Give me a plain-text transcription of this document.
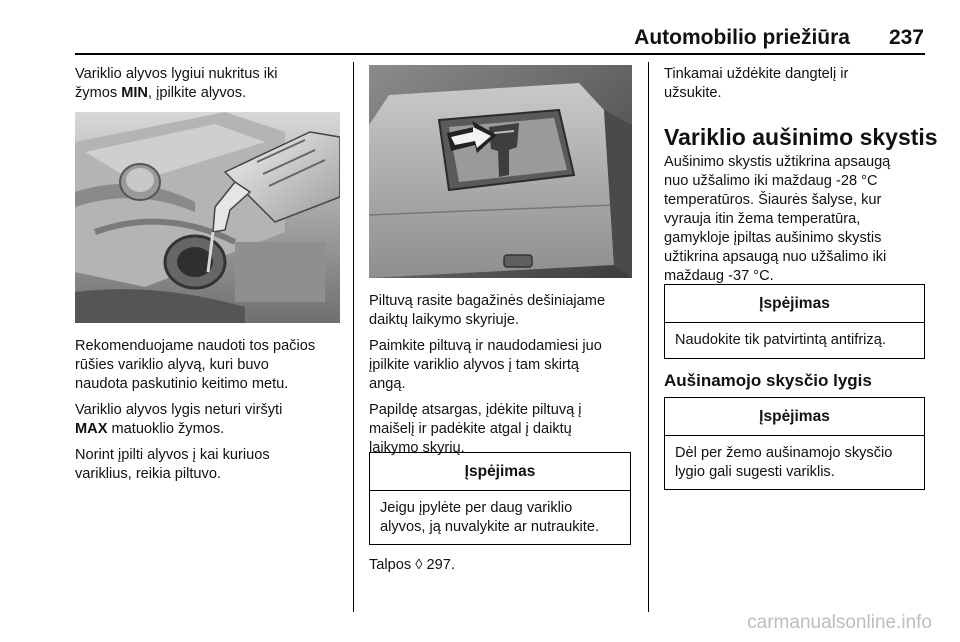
Automobilio priežiūra 237

Variklio alyvos lygiui nukritus iki
žymos MIN, įpilkite alyvos.

Rekomenduojame naudoti tos pačios
rūšies variklio alyvą, kuri buvo
naudota paskutinio keitimo metu.

Variklio alyvos lygis neturi viršyti
MAX matuoklio žymos.

Norint įpilti alyvos į kai kuriuos
variklius, reikia piltuvo.

Piltuvą rasite bagažinės dešiniajame
daiktų laikymo skyriuje.

Paimkite piltuvą ir naudodamiesi juo
įpilkite variklio alyvos į tam skirtą
angą.

Papildę atsargas, įdėkite piltuvą į
maišelį ir padėkite atgal į daiktų
laikymo skyrių.

Įspėjimas
Jeigu įpylėte per daug variklio
alyvos, ją nuvalykite ar nutraukite.
Talpos ◊ 297.

Tinkamai uždėkite dangtelį ir
užsukite.

Variklio aušinimo skystis

Aušinimo skystis užtikrina apsaugą
nuo užšalimo iki maždaug -28 °C
temperatūros. Šiaurės šalyse, kur
vyrauja itin žema temperatūra,
gamykloje įpiltas aušinimo skystis
užtikrina apsaugą nuo užšalimo iki
maždaug -37 °C.

Įspėjimas
Naudokite tik patvirtintą antifrizą.
Aušinamojo skysčio lygis
Įspėjimas
Dėl per žemo aušinamojo skysčio
lygio gali sugesti variklis.
carmanualsonline.info
